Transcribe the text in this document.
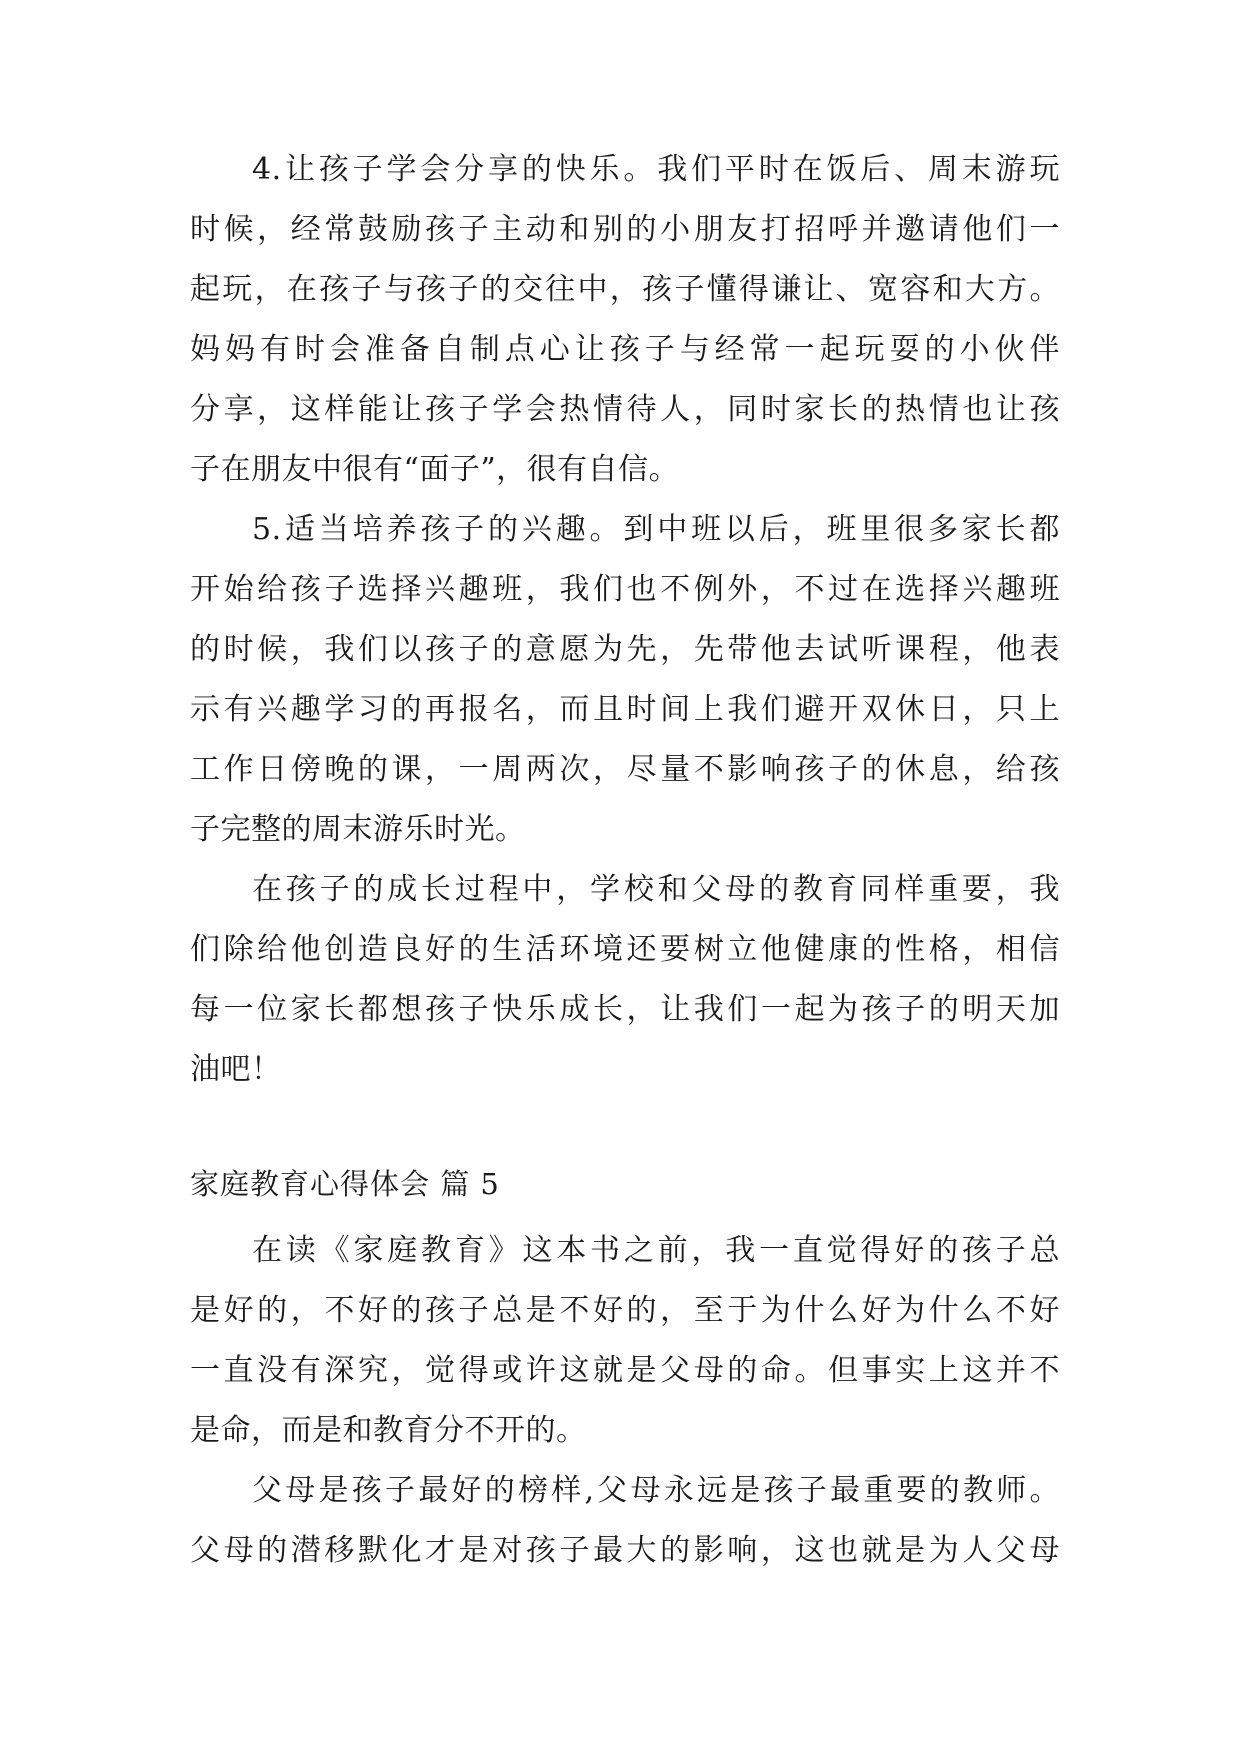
4.让孩子学会分享的快乐。我们平时在饭后、周末游玩
时候，经常鼓励孩子主动和别的小朋友打招呼并邀请他们一
起玩，在孩子与孩子的交往中，孩子懂得谦让、宽容和大方。
妈妈有时会准备自制点心让孩子与经常一起玩耍的小伙伴
分享，这样能让孩子学会热情待人，同时家长的热情也让孩
子在朋友中很有“面子”，很有自信。
5.适当培养孩子的兴趣。到中班以后，班里很多家长都
开始给孩子选择兴趣班，我们也不例外，不过在选择兴趣班
的时候，我们以孩子的意愿为先，先带他去试听课程，他表
示有兴趣学习的再报名，而且时间上我们避开双休日，只上
工作日傍晚的课，一周两次，尽量不影响孩子的休息，给孩
子完整的周末游乐时光。
在孩子的成长过程中，学校和父母的教育同样重要，我
们除给他创造良好的生活环境还要树立他健康的性格，相信
每一位家长都想孩子快乐成长，让我们一起为孩子的明天加
油吧！
家庭教育心得体会 篇 5
在读《家庭教育》这本书之前，我一直觉得好的孩子总
是好的，不好的孩子总是不好的，至于为什么好为什么不好
一直没有深究，觉得或许这就是父母的命。但事实上这并不
是命，而是和教育分不开的。
父母是孩子最好的榜样,父母永远是孩子最重要的教师。
父母的潜移默化才是对孩子最大的影响，这也就是为人父母
